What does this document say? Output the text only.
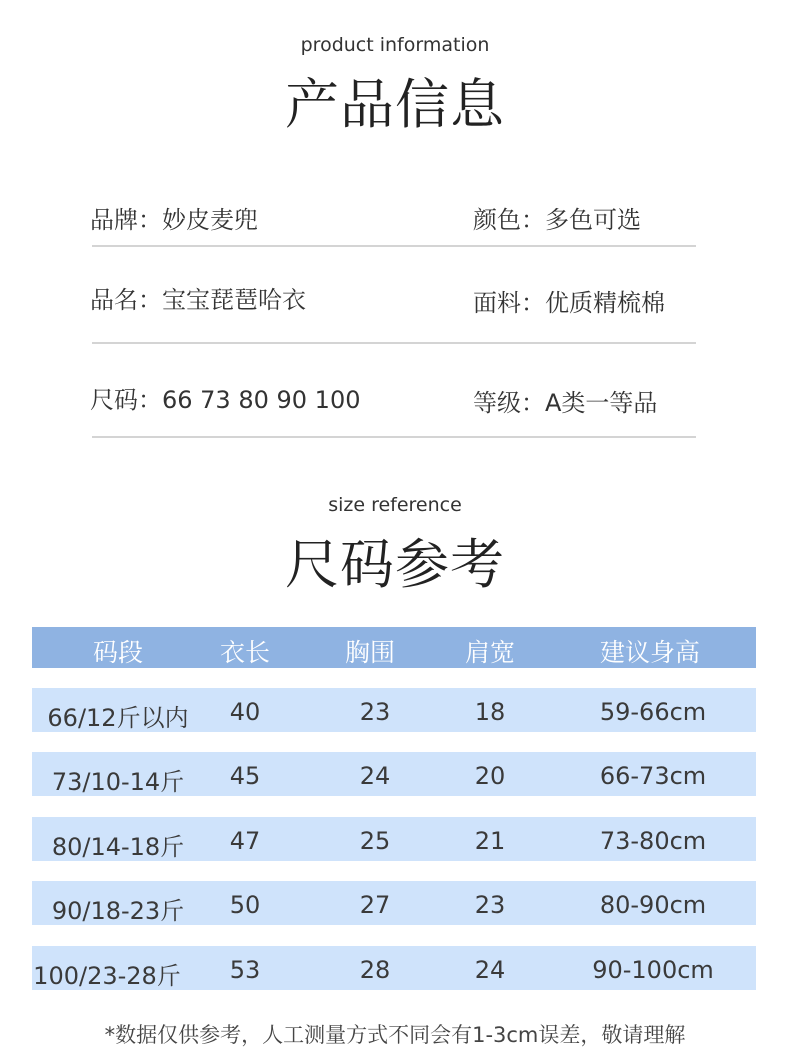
product information
产品信息
品牌：妙皮麦兜	颜色：多色可选
品名：宝宝琵琶哈衣	面料：优质精梳棉
尺码：66 73 80 90 100	等级：A类一等品
size reference
尺码参考
码段	衣长	胸围	肩宽	建议身高
66/12斤以内	40	23	18	59-66cm
73/10-14斤	45	24	20	66-73cm
80/14-18斤	47	25	21	73-80cm
90/18-23斤	50	27	23	80-90cm
100/23-28斤	53	28	24	90-100cm
*数据仅供参考，人工测量方式不同会有1-3cm误差，敬请理解
